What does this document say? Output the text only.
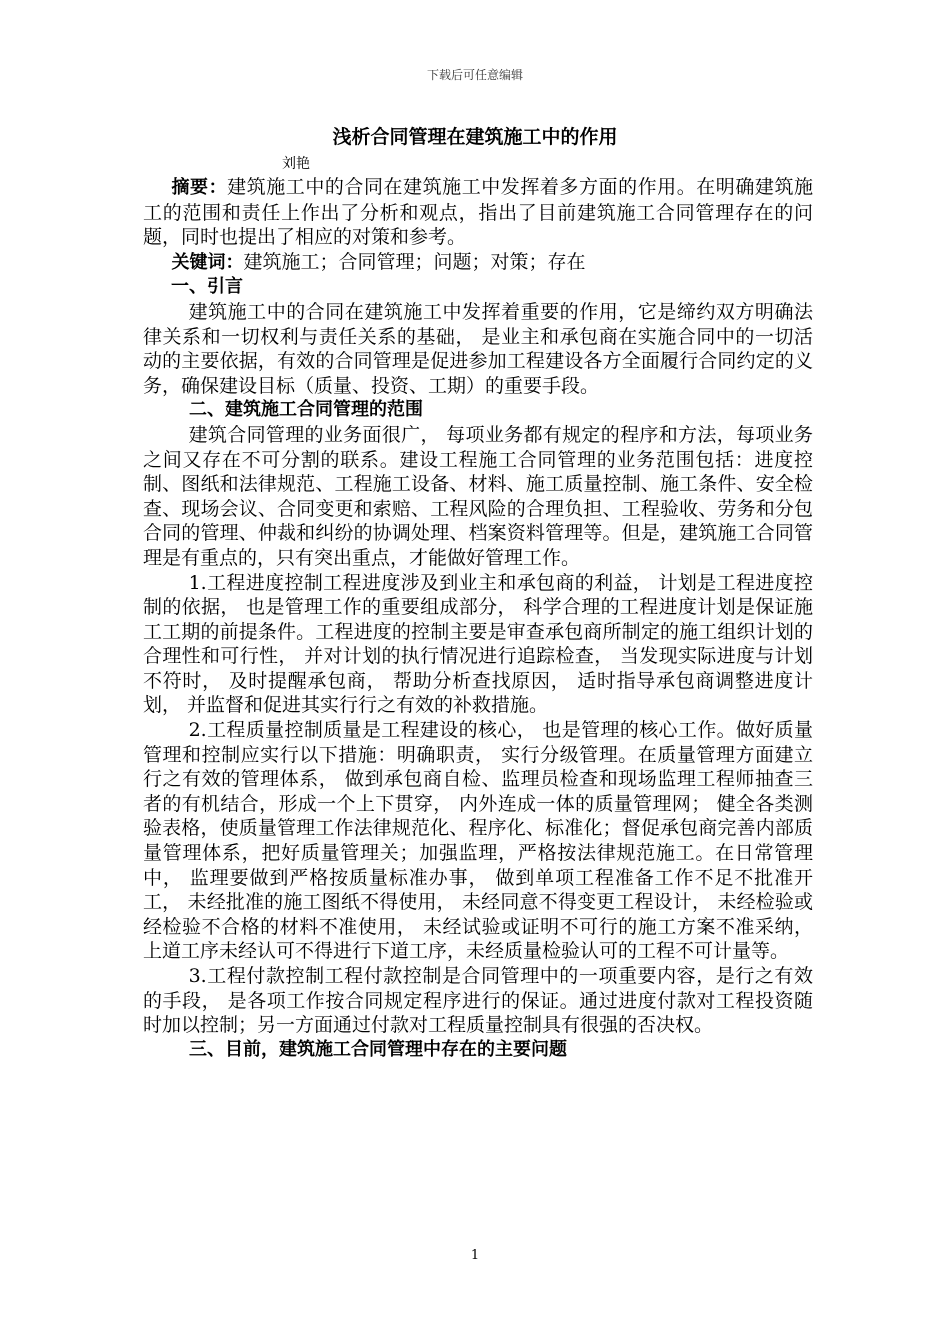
下载后可任意编辑
浅析合同管理在建筑施工中的作用
刘艳

摘要：建筑施工中的合同在建筑施工中发挥着多方面的作用。在明确建筑施工的范围和责任上作出了分析和观点，指出了目前建筑施工合同管理存在的问题，同时也提出了相应的对策和参考。

关键词：建筑施工；合同管理；问题；对策；存在

一、引言

建筑施工中的合同在建筑施工中发挥着重要的作用，它是缔约双方明确法律关系和一切权利与责任关系的基础， 是业主和承包商在实施合同中的一切活动的主要依据，有效的合同管理是促进参加工程建设各方全面履行合同约定的义务，确保建设目标（质量、投资、工期）的重要手段。

二、建筑施工合同管理的范围

建筑合同管理的业务面很广， 每项业务都有规定的程序和方法，每项业务之间又存在不可分割的联系。建设工程施工合同管理的业务范围包括：进度控制、图纸和法律规范、工程施工设备、材料、施工质量控制、施工条件、安全检查、现场会议、合同变更和索赔、工程风险的合理负担、工程验收、劳务和分包合同的管理、仲裁和纠纷的协调处理、档案资料管理等。但是，建筑施工合同管理是有重点的，只有突出重点，才能做好管理工作。

1.工程进度控制工程进度涉及到业主和承包商的利益， 计划是工程进度控制的依据， 也是管理工作的重要组成部分， 科学合理的工程进度计划是保证施工工期的前提条件。工程进度的控制主要是审查承包商所制定的施工组织计划的合理性和可行性， 并对计划的执行情况进行追踪检查， 当发现实际进度与计划不符时， 及时提醒承包商， 帮助分析查找原因， 适时指导承包商调整进度计划， 并监督和促进其实行行之有效的补救措施。

2.工程质量控制质量是工程建设的核心， 也是管理的核心工作。做好质量管理和控制应实行以下措施：明确职责， 实行分级管理。在质量管理方面建立行之有效的管理体系， 做到承包商自检、监理员检查和现场监理工程师抽查三者的有机结合，形成一个上下贯穿， 内外连成一体的质量管理网； 健全各类测验表格，使质量管理工作法律规范化、程序化、标准化；督促承包商完善内部质量管理体系，把好质量管理关；加强监理，严格按法律规范施工。在日常管理中， 监理要做到严格按质量标准办事， 做到单项工程准备工作不足不批准开工， 未经批准的施工图纸不得使用， 未经同意不得变更工程设计， 未经检验或经检验不合格的材料不准使用， 未经试验或证明不可行的施工方案不准采纳， 上道工序未经认可不得进行下道工序，未经质量检验认可的工程不可计量等。

3.工程付款控制工程付款控制是合同管理中的一项重要内容，是行之有效的手段， 是各项工作按合同规定程序进行的保证。通过进度付款对工程投资随时加以控制；另一方面通过付款对工程质量控制具有很强的否决权。

三、目前，建筑施工合同管理中存在的主要问题

1
